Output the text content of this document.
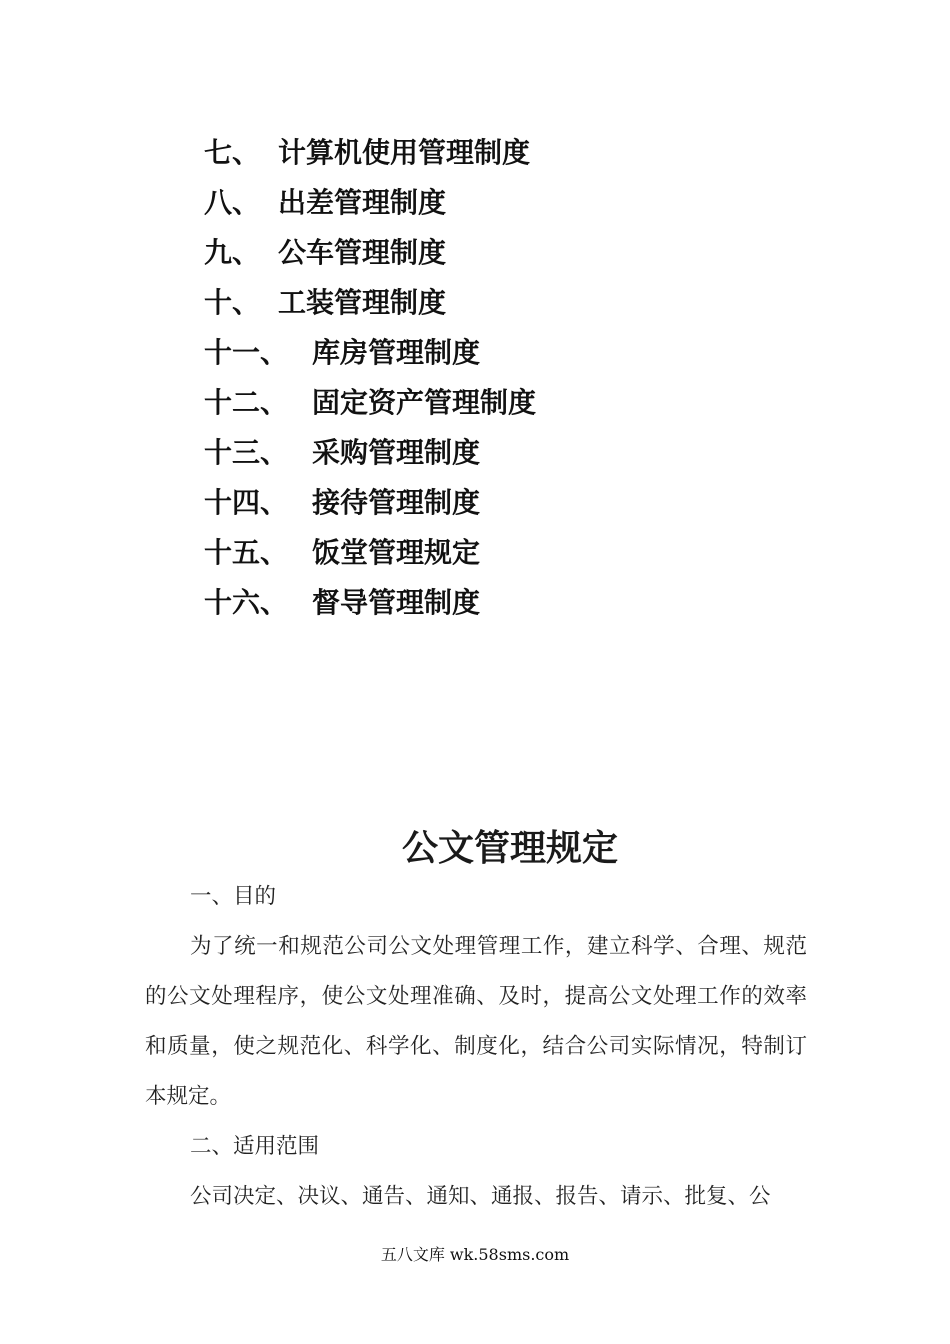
七、 计算机使用管理制度
八、 出差管理制度
九、 公车管理制度
十、 工装管理制度
十一、 库房管理制度
十二、 固定资产管理制度
十三、 采购管理制度
十四、 接待管理制度
十五、 饭堂管理规定
十六、 督导管理制度
公文管理规定

一、目的

为了统一和规范公司公文处理管理工作，建立科学、合理、规范的公文处理程序，使公文处理准确、及时，提高公文处理工作的效率和质量，使之规范化、科学化、制度化，结合公司实际情况，特制订本规定。

二、适用范围

公司决定、决议、通告、通知、通报、报告、请示、批复、公

五八文库 wk.58sms.com
